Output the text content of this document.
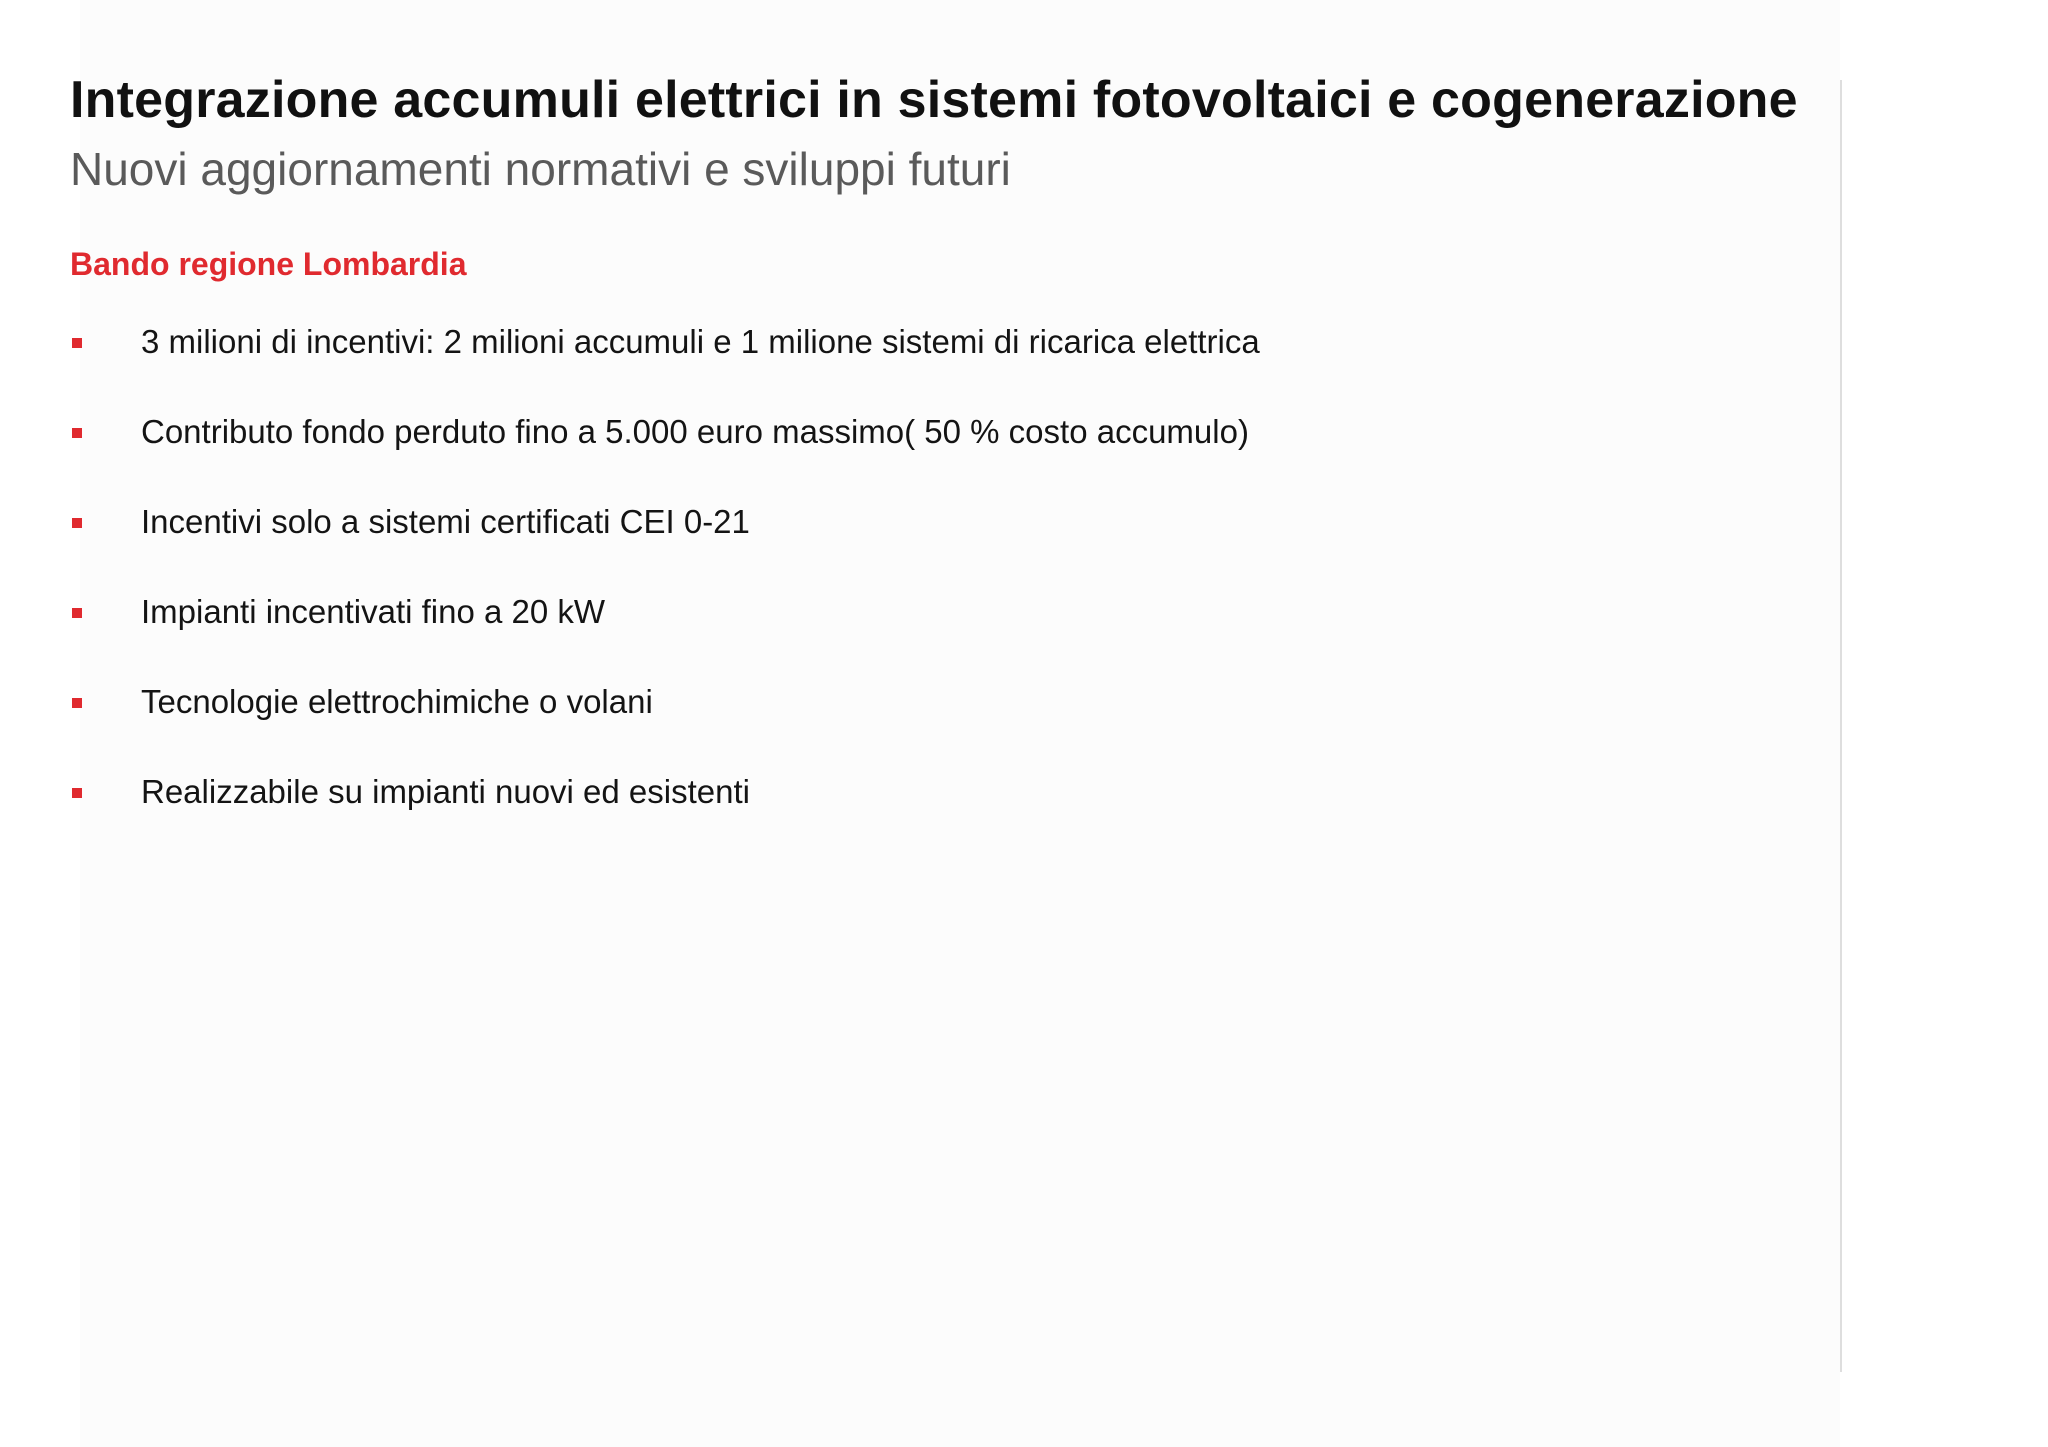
Integrazione accumuli elettrici in sistemi fotovoltaici e cogenerazione
Nuovi aggiornamenti normativi e sviluppi futuri
Bando regione Lombardia
3 milioni di incentivi: 2 milioni accumuli e 1 milione sistemi di ricarica elettrica
Contributo fondo perduto fino a 5.000 euro massimo( 50 % costo accumulo)
Incentivi solo a sistemi certificati CEI 0-21
Impianti incentivati fino a 20 kW
Tecnologie elettrochimiche o volani
Realizzabile su impianti nuovi ed esistenti
